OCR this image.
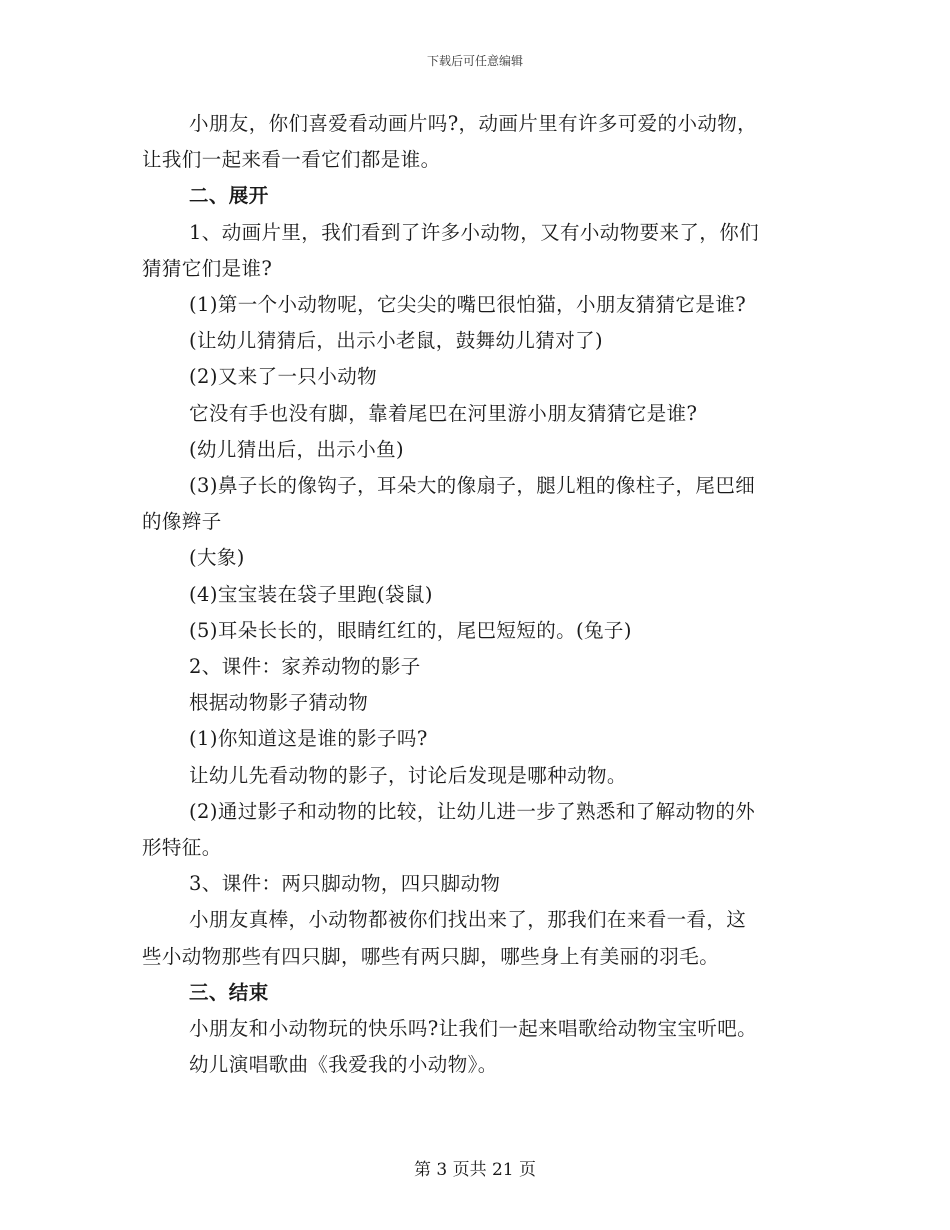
下载后可任意编辑

小朋友，你们喜爱看动画片吗?，动画片里有许多可爱的小动物，

让我们一起来看一看它们都是谁。

二、展开

1、动画片里，我们看到了许多小动物，又有小动物要来了，你们

猜猜它们是谁?

(1)第一个小动物呢，它尖尖的嘴巴很怕猫，小朋友猜猜它是谁?

(让幼儿猜猜后，出示小老鼠，鼓舞幼儿猜对了)

(2)又来了一只小动物

它没有手也没有脚，靠着尾巴在河里游小朋友猜猜它是谁?

(幼儿猜出后，出示小鱼)

(3)鼻子长的像钩子，耳朵大的像扇子，腿儿粗的像柱子，尾巴细

的像辫子

(大象)

(4)宝宝装在袋子里跑(袋鼠)

(5)耳朵长长的，眼睛红红的，尾巴短短的。(兔子)

2、课件：家养动物的影子

根据动物影子猜动物

(1)你知道这是谁的影子吗?

让幼儿先看动物的影子，讨论后发现是哪种动物。

(2)通过影子和动物的比较，让幼儿进一步了熟悉和了解动物的外

形特征。

3、课件：两只脚动物，四只脚动物

小朋友真棒，小动物都被你们找出来了，那我们在来看一看，这

些小动物那些有四只脚，哪些有两只脚，哪些身上有美丽的羽毛。

三、结束

小朋友和小动物玩的快乐吗?让我们一起来唱歌给动物宝宝听吧。

幼儿演唱歌曲《我爱我的小动物》。

第 3 页共 21 页
